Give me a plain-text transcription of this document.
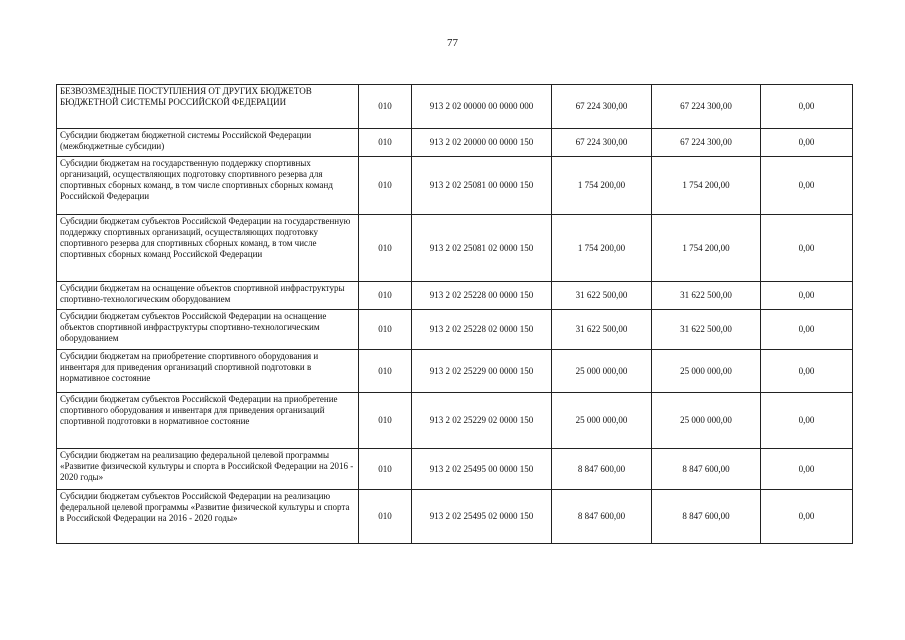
77
БЕЗВОЗМЕЗДНЫЕ ПОСТУПЛЕНИЯ ОТ ДРУГИХ БЮДЖЕТОВ БЮДЖЕТНОЙ СИСТЕМЫ РОССИЙСКОЙ ФЕДЕРАЦИИ	010	913 2 02 00000 00 0000 000	67 224 300,00	67 224 300,00	0,00
Субсидии бюджетам бюджетной системы Российской Федерации (межбюджетные субсидии)	010	913 2 02 20000 00 0000 150	67 224 300,00	67 224 300,00	0,00
Субсидии бюджетам на государственную поддержку спортивных организаций, осуществляющих подготовку спортивного резерва для спортивных сборных команд, в том числе спортивных сборных команд Российской Федерации	010	913 2 02 25081 00 0000 150	1 754 200,00	1 754 200,00	0,00
Субсидии бюджетам субъектов Российской Федерации на государственную поддержку спортивных организаций, осуществляющих подготовку спортивного резерва для спортивных сборных команд, в том числе спортивных сборных команд Российской Федерации	010	913 2 02 25081 02 0000 150	1 754 200,00	1 754 200,00	0,00
Субсидии бюджетам на оснащение объектов спортивной инфраструктуры спортивно-технологическим оборудованием	010	913 2 02 25228 00 0000 150	31 622 500,00	31 622 500,00	0,00
Субсидии бюджетам субъектов Российской Федерации на оснащение объектов спортивной инфраструктуры спортивно-технологическим оборудованием	010	913 2 02 25228 02 0000 150	31 622 500,00	31 622 500,00	0,00
Субсидии бюджетам на приобретение спортивного оборудования и инвентаря для приведения организаций спортивной подготовки в нормативное состояние	010	913 2 02 25229 00 0000 150	25 000 000,00	25 000 000,00	0,00
Субсидии бюджетам субъектов Российской Федерации на приобретение спортивного оборудования и инвентаря для приведения организаций спортивной подготовки в нормативное состояние	010	913 2 02 25229 02 0000 150	25 000 000,00	25 000 000,00	0,00
Субсидии бюджетам на реализацию федеральной целевой программы «Развитие физической культуры и спорта в Российской Федерации на 2016 - 2020 годы»	010	913 2 02 25495 00 0000 150	8 847 600,00	8 847 600,00	0,00
Субсидии бюджетам субъектов Российской Федерации на реализацию федеральной целевой программы «Развитие физической культуры и спорта в Российской Федерации на 2016 - 2020 годы»	010	913 2 02 25495 02 0000 150	8 847 600,00	8 847 600,00	0,00
